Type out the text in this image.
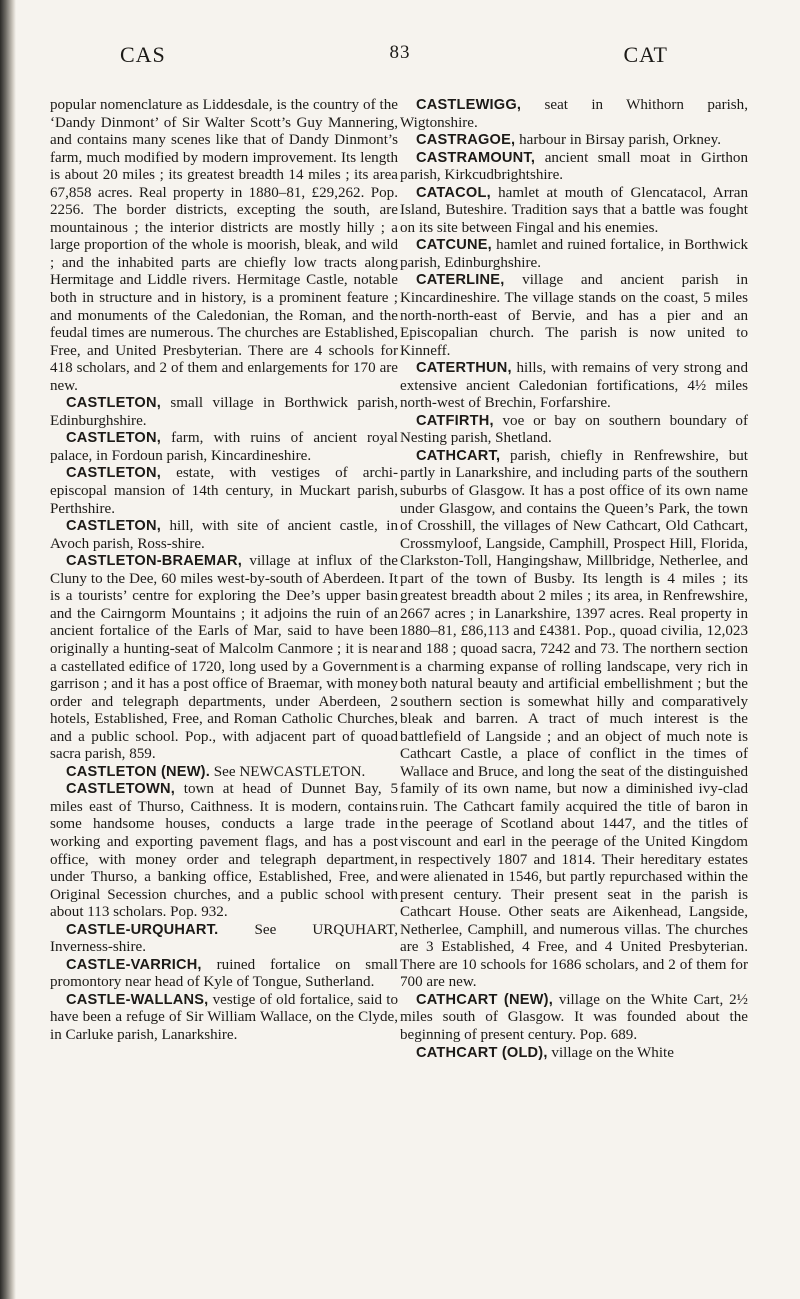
CAS	83	CAT

popular nomenclature as Liddesdale, is the country of the ‘Dandy Dinmont’ of Sir Walter Scott’s Guy Mannering, and contains many scenes like that of Dandy Dinmont’s farm, much modified by modern improvement. Its length is about 20 miles ; its greatest breadth 14 miles ; its area 67,858 acres. Real property in 1880–81, £29,262. Pop. 2256. The border districts, excepting the south, are mountainous ; the interior districts are mostly hilly ; a large proportion of the whole is moorish, bleak, and wild ; and the inhabited parts are chiefly low tracts along Hermitage and Liddle rivers. Hermitage Castle, notable both in structure and in history, is a prominent feature ; and monuments of the Caledonian, the Roman, and the feudal times are numerous. The churches are Established, Free, and United Presbyterian. There are 4 schools for 418 scholars, and 2 of them and enlargements for 170 are new.

CASTLETON, small village in Borthwick parish, Edinburghshire.

CASTLETON, farm, with ruins of ancient royal palace, in Fordoun parish, Kincardineshire.

CASTLETON, estate, with vestiges of archi-episcopal mansion of 14th century, in Muckart parish, Perthshire.

CASTLETON, hill, with site of ancient castle, in Avoch parish, Ross-shire.

CASTLETON-BRAEMAR, village at influx of the Cluny to the Dee, 60 miles west-by-south of Aberdeen. It is a tourists’ centre for exploring the Dee’s upper basin and the Cairngorm Mountains ; it adjoins the ruin of an ancient fortalice of the Earls of Mar, said to have been originally a hunting-seat of Malcolm Canmore ; it is near a castellated edifice of 1720, long used by a Government garrison ; and it has a post office of Braemar, with money order and telegraph departments, under Aberdeen, 2 hotels, Established, Free, and Roman Catholic Churches, and a public school. Pop., with adjacent part of quoad sacra parish, 859.

CASTLETON (NEW). See NEWCASTLETON.

CASTLETOWN, town at head of Dunnet Bay, 5 miles east of Thurso, Caithness. It is modern, contains some handsome houses, conducts a large trade in working and exporting pavement flags, and has a post office, with money order and telegraph department, under Thurso, a banking office, Established, Free, and Original Secession churches, and a public school with about 113 scholars. Pop. 932.

CASTLE-URQUHART. See URQUHART, Inverness-shire.

CASTLE-VARRICH, ruined fortalice on small promontory near head of Kyle of Tongue, Sutherland.

CASTLE-WALLANS, vestige of old fortalice, said to have been a refuge of Sir William Wallace, on the Clyde, in Carluke parish, Lanarkshire.

CASTLEWIGG, seat in Whithorn parish, Wigtonshire.

CASTRAGOE, harbour in Birsay parish, Orkney.

CASTRAMOUNT, ancient small moat in Girthon parish, Kirkcudbrightshire.

CATACOL, hamlet at mouth of Glencatacol, Arran Island, Buteshire. Tradition says that a battle was fought on its site between Fingal and his enemies.

CATCUNE, hamlet and ruined fortalice, in Borthwick parish, Edinburghshire.

CATERLINE, village and ancient parish in Kincardineshire. The village stands on the coast, 5 miles north-north-east of Bervie, and has a pier and an Episcopalian church. The parish is now united to Kinneff.

CATERTHUN, hills, with remains of very strong and extensive ancient Caledonian fortifications, 4½ miles north-west of Brechin, Forfarshire.

CATFIRTH, voe or bay on southern boundary of Nesting parish, Shetland.

CATHCART, parish, chiefly in Renfrewshire, but partly in Lanarkshire, and including parts of the southern suburbs of Glasgow. It has a post office of its own name under Glasgow, and contains the Queen’s Park, the town of Crosshill, the villages of New Cathcart, Old Cathcart, Crossmyloof, Langside, Camphill, Prospect Hill, Florida, Clarkston-Toll, Hangingshaw, Millbridge, Netherlee, and part of the town of Busby. Its length is 4 miles ; its greatest breadth about 2 miles ; its area, in Renfrewshire, 2667 acres ; in Lanarkshire, 1397 acres. Real property in 1880–81, £86,113 and £4381. Pop., quoad civilia, 12,023 and 188 ; quoad sacra, 7242 and 73. The northern section is a charming expanse of rolling landscape, very rich in both natural beauty and artificial embellishment ; but the southern section is somewhat hilly and comparatively bleak and barren. A tract of much interest is the battlefield of Langside ; and an object of much note is Cathcart Castle, a place of conflict in the times of Wallace and Bruce, and long the seat of the distinguished family of its own name, but now a diminished ivy-clad ruin. The Cathcart family acquired the title of baron in the peerage of Scotland about 1447, and the titles of viscount and earl in the peerage of the United Kingdom in respectively 1807 and 1814. Their hereditary estates were alienated in 1546, but partly repurchased within the present century. Their present seat in the parish is Cathcart House. Other seats are Aikenhead, Langside, Netherlee, Camphill, and numerous villas. The churches are 3 Established, 4 Free, and 4 United Presbyterian. There are 10 schools for 1686 scholars, and 2 of them for 700 are new.

CATHCART (NEW), village on the White Cart, 2½ miles south of Glasgow. It was founded about the beginning of present century. Pop. 689.

CATHCART (OLD), village on the White
